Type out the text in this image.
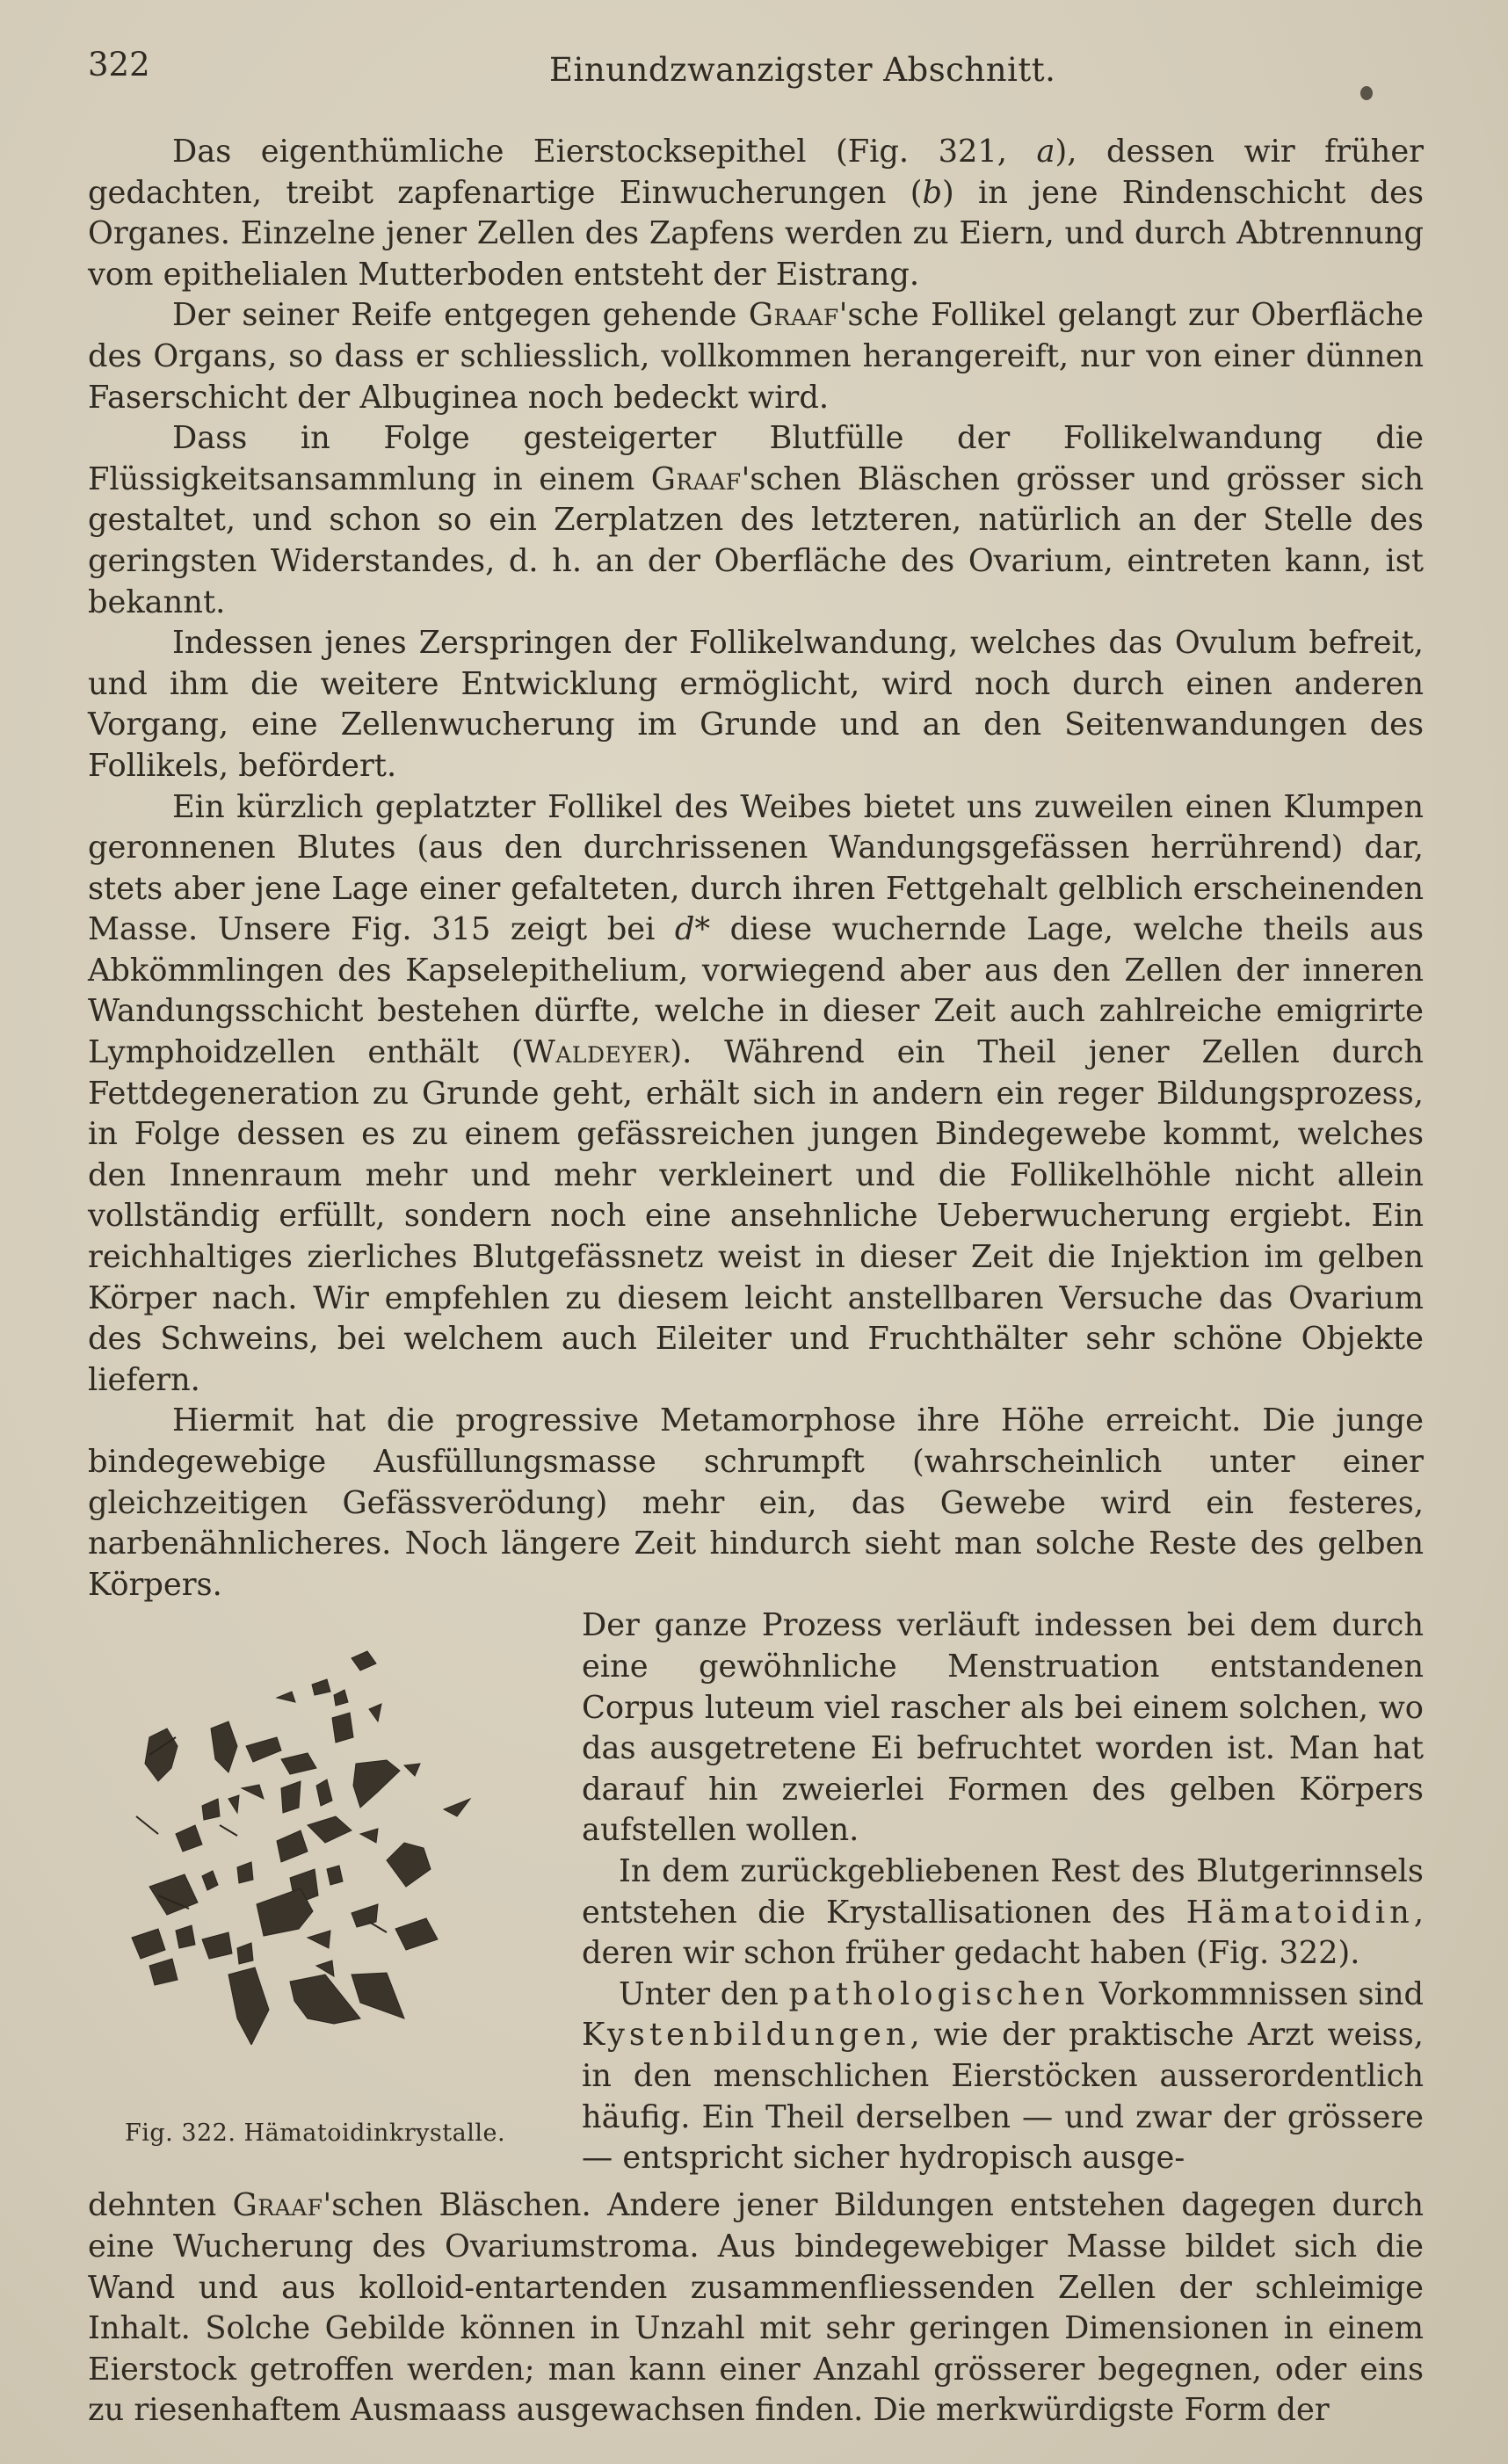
322	Einundzwanzigster Abschnitt.

Das eigenthümliche Eierstocksepithel (Fig. 321, a), dessen wir früher gedachten, treibt zapfenartige Einwucherungen (b) in jene Rindenschicht des Organes. Einzelne jener Zellen des Zapfens werden zu Eiern, und durch Abtrennung vom epithelialen Mutterboden entsteht der Eistrang.

Der seiner Reife entgegen gehende Graaf'sche Follikel gelangt zur Oberfläche des Organs, so dass er schliesslich, vollkommen herangereift, nur von einer dünnen Faserschicht der Albuginea noch bedeckt wird.

Dass in Folge gesteigerter Blutfülle der Follikelwandung die Flüssigkeitsansammlung in einem Graaf'schen Bläschen grösser und grösser sich gestaltet, und schon so ein Zerplatzen des letzteren, natürlich an der Stelle des geringsten Widerstandes, d. h. an der Oberfläche des Ovarium, eintreten kann, ist bekannt.

Indessen jenes Zerspringen der Follikelwandung, welches das Ovulum befreit, und ihm die weitere Entwicklung ermöglicht, wird noch durch einen anderen Vorgang, eine Zellenwucherung im Grunde und an den Seitenwandungen des Follikels, befördert.

Ein kürzlich geplatzter Follikel des Weibes bietet uns zuweilen einen Klumpen geronnenen Blutes (aus den durchrissenen Wandungsgefässen herrührend) dar, stets aber jene Lage einer gefalteten, durch ihren Fettgehalt gelblich erscheinenden Masse. Unsere Fig. 315 zeigt bei d* diese wuchernde Lage, welche theils aus Abkömmlingen des Kapselepithelium, vorwiegend aber aus den Zellen der inneren Wandungsschicht bestehen dürfte, welche in dieser Zeit auch zahlreiche emigrirte Lymphoidzellen enthält (Waldeyer). Während ein Theil jener Zellen durch Fettdegeneration zu Grunde geht, erhält sich in andern ein reger Bildungsprozess, in Folge dessen es zu einem gefässreichen jungen Bindegewebe kommt, welches den Innenraum mehr und mehr verkleinert und die Follikelhöhle nicht allein vollständig erfüllt, sondern noch eine ansehnliche Ueberwucherung ergiebt. Ein reichhaltiges zierliches Blutgefässnetz weist in dieser Zeit die Injektion im gelben Körper nach. Wir empfehlen zu diesem leicht anstellbaren Versuche das Ovarium des Schweins, bei welchem auch Eileiter und Fruchthälter sehr schöne Objekte liefern.

Hiermit hat die progressive Metamorphose ihre Höhe erreicht. Die junge bindegewebige Ausfüllungsmasse schrumpft (wahrscheinlich unter einer gleichzeitigen Gefässverödung) mehr ein, das Gewebe wird ein festeres, narbenähnlicheres. Noch längere Zeit hindurch sieht man solche Reste des gelben Körpers.

Fig. 322. Hämatoidinkrystalle.

Der ganze Prozess verläuft indessen bei dem durch eine gewöhnliche Menstruation entstandenen Corpus luteum viel rascher als bei einem solchen, wo das ausgetretene Ei befruchtet worden ist. Man hat darauf hin zweierlei Formen des gelben Körpers aufstellen wollen.

In dem zurückgebliebenen Rest des Blutgerinnsels entstehen die Krystallisationen des Hämatoidin, deren wir schon früher gedacht haben (Fig. 322).

Unter den pathologischen Vorkommnissen sind Kystenbildungen, wie der praktische Arzt weiss, in den menschlichen Eierstöcken ausserordentlich häufig. Ein Theil derselben — und zwar der grössere — entspricht sicher hydropisch ausge-

dehnten Graaf'schen Bläschen. Andere jener Bildungen entstehen dagegen durch eine Wucherung des Ovariumstroma. Aus bindegewebiger Masse bildet sich die Wand und aus kolloid-entartenden zusammenfliessenden Zellen der schleimige Inhalt. Solche Gebilde können in Unzahl mit sehr geringen Dimensionen in einem Eierstock getroffen werden; man kann einer Anzahl grösserer begegnen, oder eins zu riesenhaftem Ausmaass ausgewachsen finden. Die merkwürdigste Form der
